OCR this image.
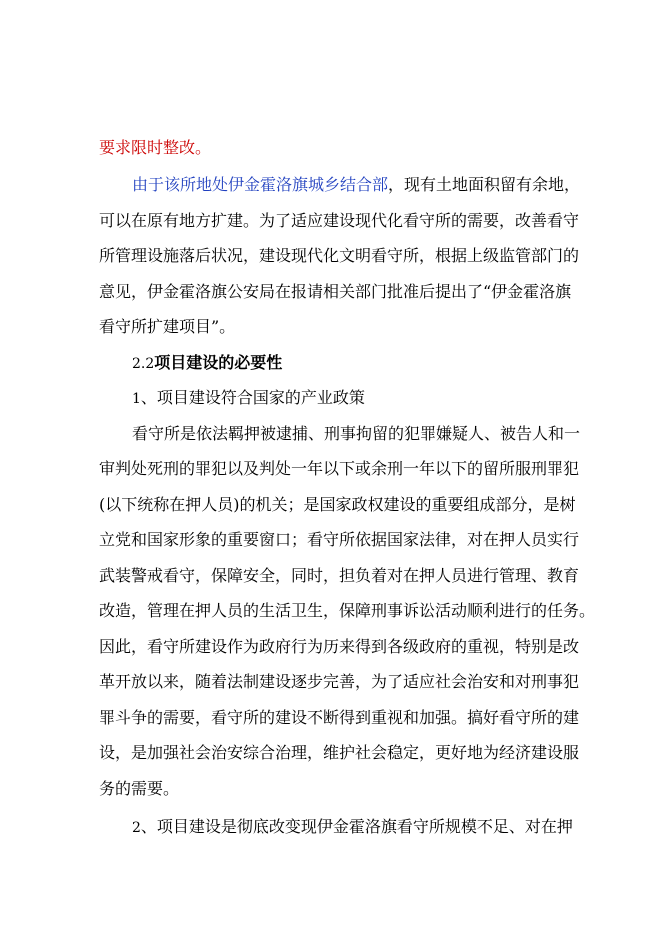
要求限时整改。
由于该所地处伊金霍洛旗城乡结合部，现有土地面积留有余地，
可以在原有地方扩建。为了适应建设现代化看守所的需要，改善看守
所管理设施落后状况，建设现代化文明看守所，根据上级监管部门的
意见，伊金霍洛旗公安局在报请相关部门批准后提出了“伊金霍洛旗
看守所扩建项目”。
2.2项目建设的必要性
1、项目建设符合国家的产业政策
看守所是依法羁押被逮捕、刑事拘留的犯罪嫌疑人、被告人和一
审判处死刑的罪犯以及判处一年以下或余刑一年以下的留所服刑罪犯
(以下统称在押人员)的机关；是国家政权建设的重要组成部分，是树
立党和国家形象的重要窗口；看守所依据国家法律，对在押人员实行
武装警戒看守，保障安全，同时，担负着对在押人员进行管理、教育
改造，管理在押人员的生活卫生，保障刑事诉讼活动顺利进行的任务。
因此，看守所建设作为政府行为历来得到各级政府的重视，特别是改
革开放以来，随着法制建设逐步完善，为了适应社会治安和对刑事犯
罪斗争的需要，看守所的建设不断得到重视和加强。搞好看守所的建
设，是加强社会治安综合治理，维护社会稳定，更好地为经济建设服
务的需要。
2、项目建设是彻底改变现伊金霍洛旗看守所规模不足、对在押
